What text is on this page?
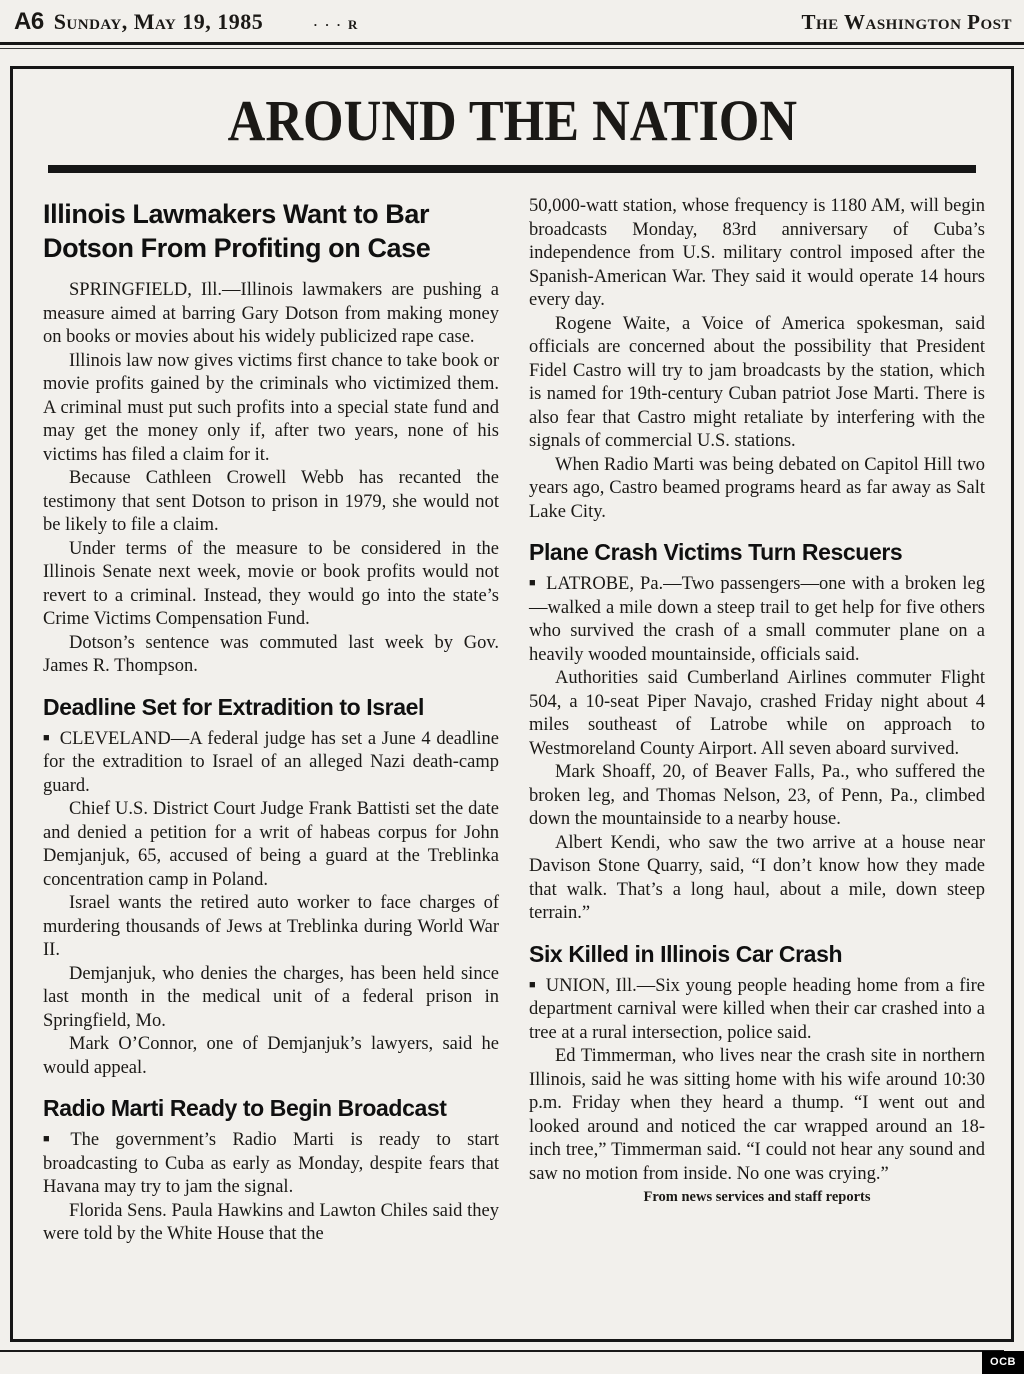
A6 Sunday, May 19, 1985	· · · R	The Washington Post
AROUND THE NATION
Illinois Lawmakers Want to Bar Dotson From Profiting on Case

SPRINGFIELD, Ill.—Illinois lawmakers are pushing a measure aimed at barring Gary Dotson from making money on books or movies about his widely publicized rape case.

Illinois law now gives victims first chance to take book or movie profits gained by the criminals who victimized them. A criminal must put such profits into a special state fund and may get the money only if, after two years, none of his victims has filed a claim for it.

Because Cathleen Crowell Webb has recanted the testimony that sent Dotson to prison in 1979, she would not be likely to file a claim.

Under terms of the measure to be considered in the Illinois Senate next week, movie or book profits would not revert to a criminal. Instead, they would go into the state’s Crime Victims Compensation Fund.

Dotson’s sentence was commuted last week by Gov. James R. Thompson.

Deadline Set for Extradition to Israel

■ CLEVELAND—A federal judge has set a June 4 deadline for the extradition to Israel of an alleged Nazi death-camp guard.

Chief U.S. District Court Judge Frank Battisti set the date and denied a petition for a writ of habeas corpus for John Demjanjuk, 65, accused of being a guard at the Treblinka concentration camp in Poland.

Israel wants the retired auto worker to face charges of murdering thousands of Jews at Treblinka during World War II.

Demjanjuk, who denies the charges, has been held since last month in the medical unit of a federal prison in Springfield, Mo.

Mark O’Connor, one of Demjanjuk’s lawyers, said he would appeal.

Radio Marti Ready to Begin Broadcast

■ The government’s Radio Marti is ready to start broadcasting to Cuba as early as Monday, despite fears that Havana may try to jam the signal.

Florida Sens. Paula Hawkins and Lawton Chiles said they were told by the White House that the

50,000-watt station, whose frequency is 1180 AM, will begin broadcasts Monday, 83rd anniversary of Cuba’s independence from U.S. military control imposed after the Spanish-American War. They said it would operate 14 hours every day.

Rogene Waite, a Voice of America spokesman, said officials are concerned about the possibility that President Fidel Castro will try to jam broadcasts by the station, which is named for 19th-century Cuban patriot Jose Marti. There is also fear that Castro might retaliate by interfering with the signals of commercial U.S. stations.

When Radio Marti was being debated on Capitol Hill two years ago, Castro beamed programs heard as far away as Salt Lake City.

Plane Crash Victims Turn Rescuers

■ LATROBE, Pa.—Two passengers—one with a broken leg—walked a mile down a steep trail to get help for five others who survived the crash of a small commuter plane on a heavily wooded mountainside, officials said.

Authorities said Cumberland Airlines commuter Flight 504, a 10-seat Piper Navajo, crashed Friday night about 4 miles southeast of Latrobe while on approach to Westmoreland County Airport. All seven aboard survived.

Mark Shoaff, 20, of Beaver Falls, Pa., who suffered the broken leg, and Thomas Nelson, 23, of Penn, Pa., climbed down the mountainside to a nearby house.

Albert Kendi, who saw the two arrive at a house near Davison Stone Quarry, said, “I don’t know how they made that walk. That’s a long haul, about a mile, down steep terrain.”

Six Killed in Illinois Car Crash

■ UNION, Ill.—Six young people heading home from a fire department carnival were killed when their car crashed into a tree at a rural intersection, police said.

Ed Timmerman, who lives near the crash site in northern Illinois, said he was sitting home with his wife around 10:30 p.m. Friday when they heard a thump. “I went out and looked around and noticed the car wrapped around an 18-inch tree,” Timmerman said. “I could not hear any sound and saw no motion from inside. No one was crying.”

From news services and staff reports

OCB
